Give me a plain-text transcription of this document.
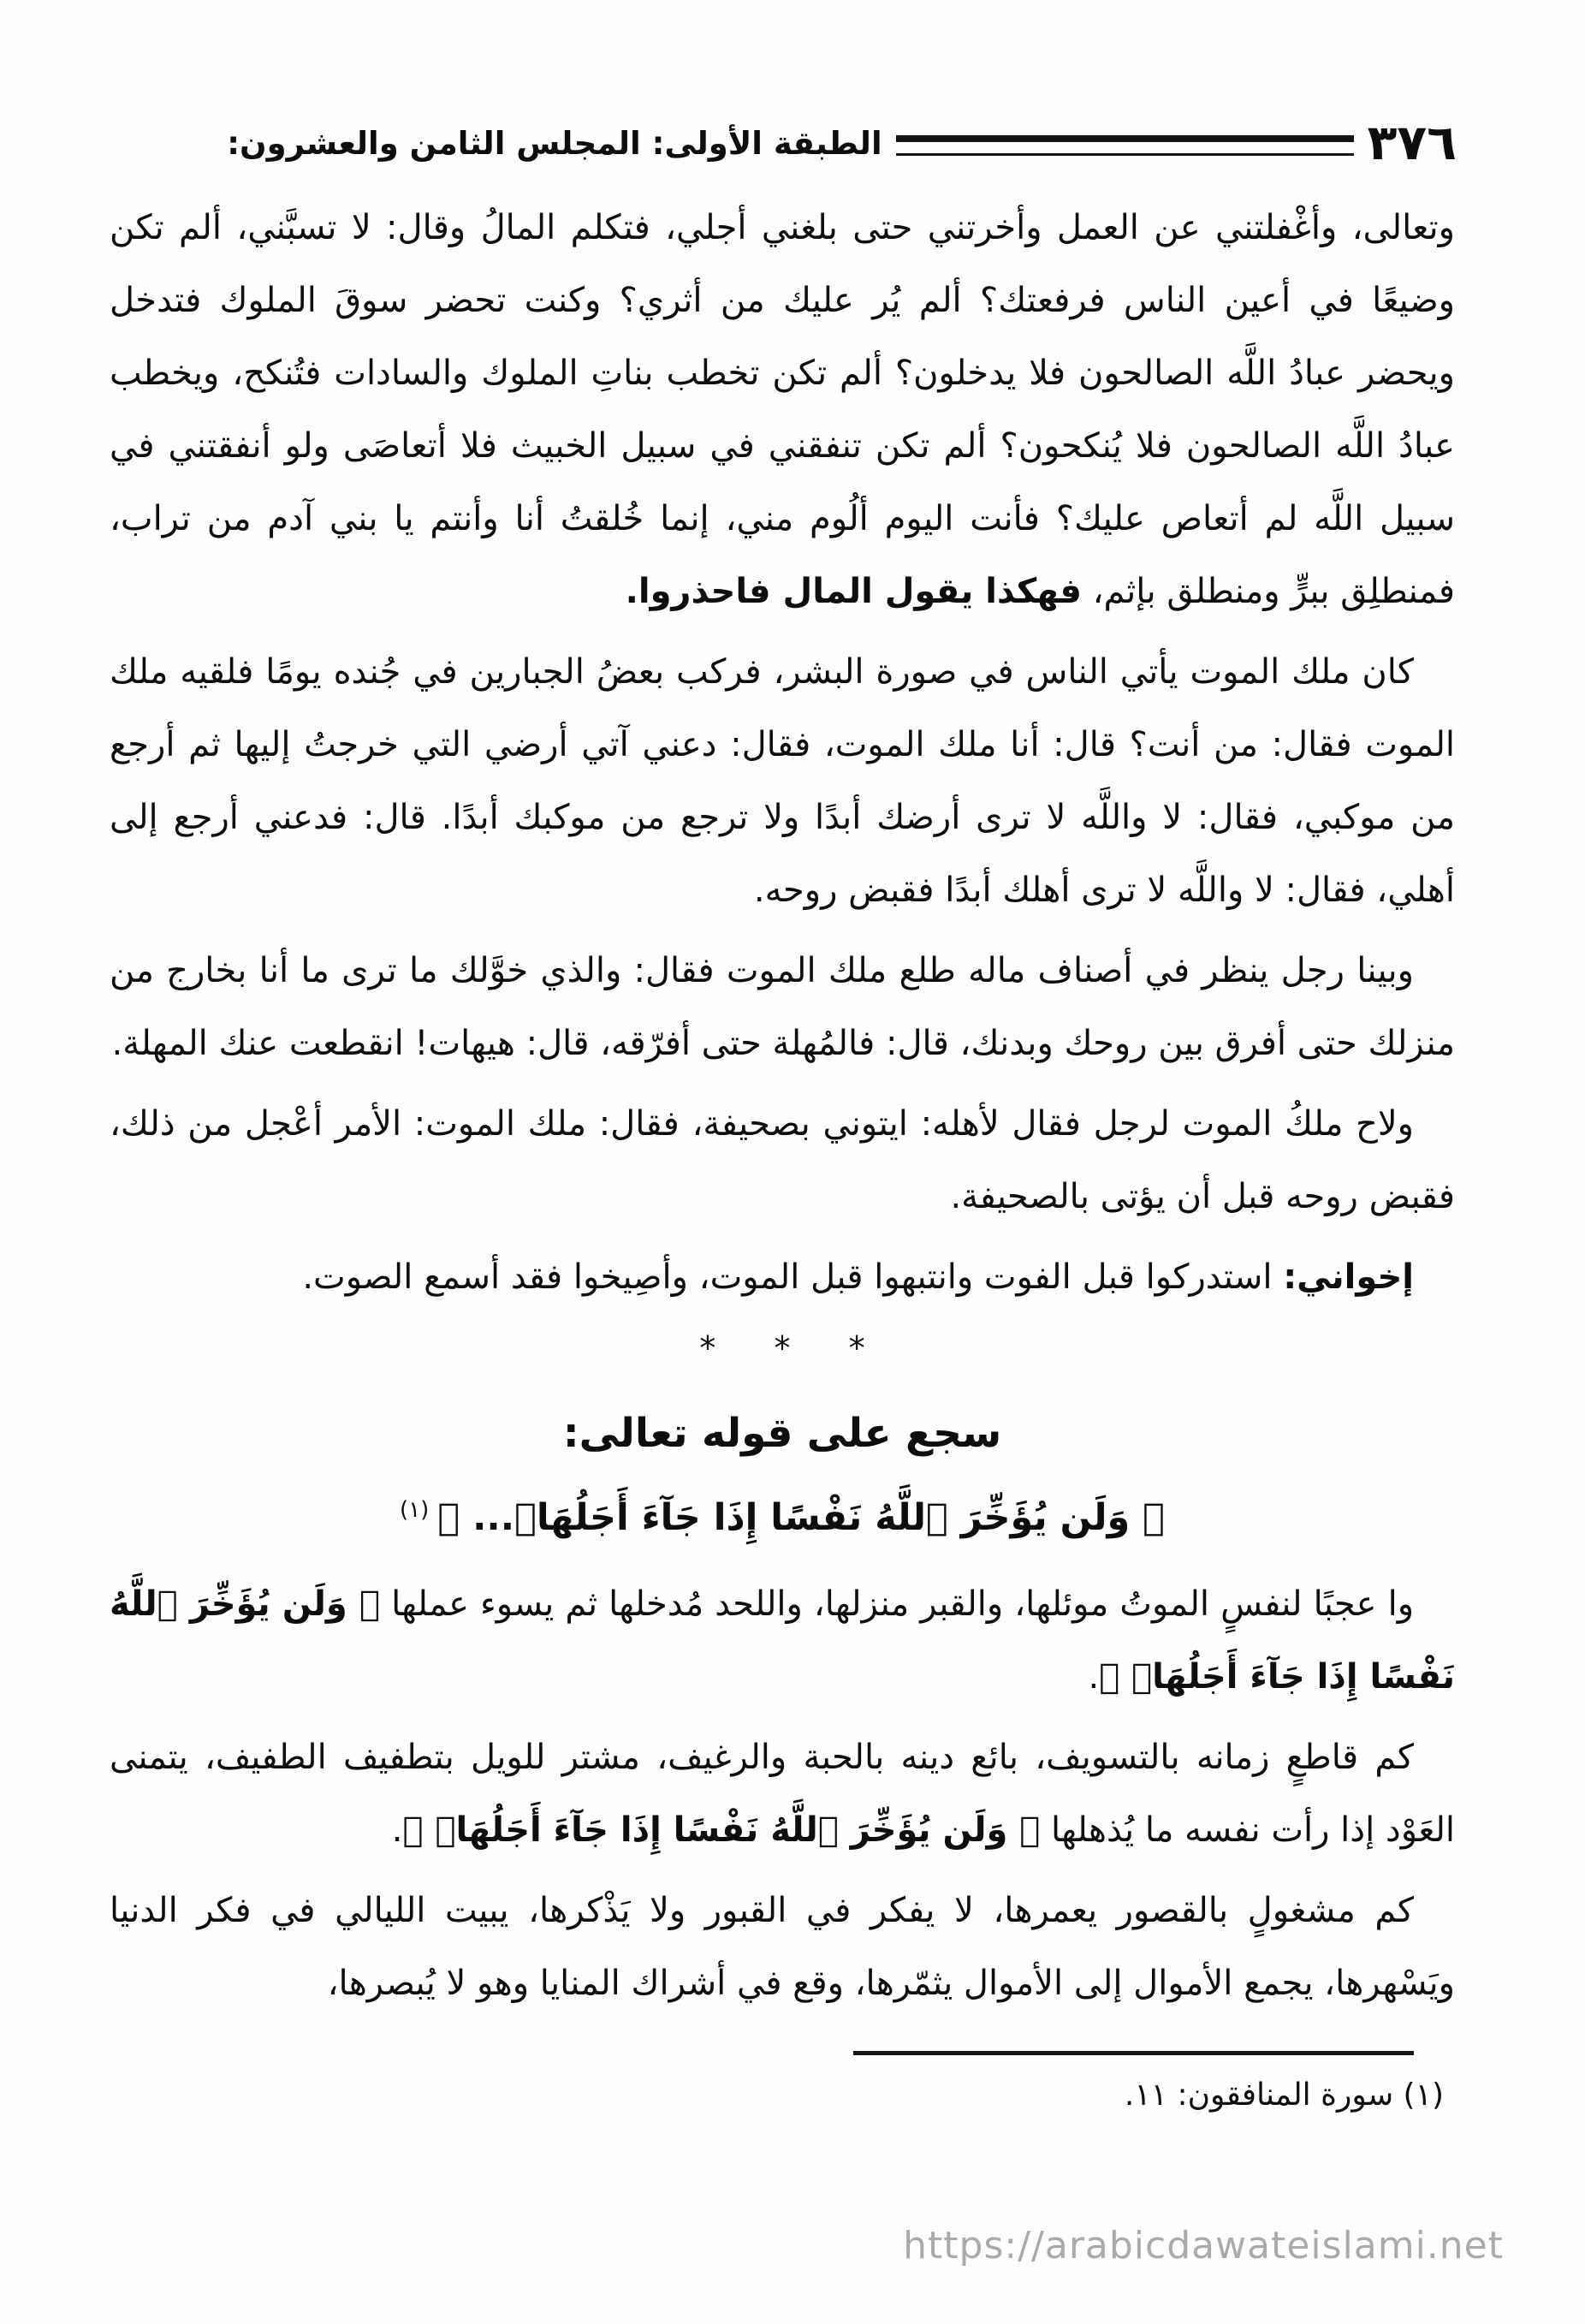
٣٧٦
الطبقة الأولى: المجلس الثامن والعشرون:

وتعالى، وأغْفلتني عن العمل وأخرتني حتى بلغني أجلي، فتكلم المالُ وقال: لا تسبَّني، ألم تكن وضيعًا في أعين الناس فرفعتك؟ ألم يُر عليك من أثري؟ وكنت تحضر سوقَ الملوك فتدخل ويحضر عبادُ اللَّه الصالحون فلا يدخلون؟ ألم تكن تخطب بناتِ الملوك والسادات فتُنكح، ويخطب عبادُ اللَّه الصالحون فلا يُنكحون؟ ألم تكن تنفقني في سبيل الخبيث فلا أتعاصَى ولو أنفقتني في سبيل اللَّه لم أتعاص عليك؟ فأنت اليوم ألُوم مني، إنما خُلقتُ أنا وأنتم يا بني آدم من تراب، فمنطلِق ببرٍّ ومنطلق بإثم، فهكذا يقول المال فاحذروا.

كان ملك الموت يأتي الناس في صورة البشر، فركب بعضُ الجبارين في جُنده يومًا فلقيه ملك الموت فقال: من أنت؟ قال: أنا ملك الموت، فقال: دعني آتي أرضي التي خرجتُ إليها ثم أرجع من موكبي، فقال: لا واللَّه لا ترى أرضك أبدًا ولا ترجع من موكبك أبدًا. قال: فدعني أرجع إلى أهلي، فقال: لا واللَّه لا ترى أهلك أبدًا فقبض روحه.

وبينا رجل ينظر في أصناف ماله طلع ملك الموت فقال: والذي خوَّلك ما ترى ما أنا بخارج من منزلك حتى أفرق بين روحك وبدنك، قال: فالمُهلة حتى أفرّقه، قال: هيهات! انقطعت عنك المهلة.

ولاح ملكُ الموت لرجل فقال لأهله: ايتوني بصحيفة، فقال: ملك الموت: الأمر أعْجل من ذلك، فقبض روحه قبل أن يؤتى بالصحيفة.

إخواني: استدركوا قبل الفوت وانتبهوا قبل الموت، وأصِيخوا فقد أسمع الصوت.

* * *
سجع على قوله تعالى:
﴿ وَلَن يُؤَخِّرَ ٱللَّهُ نَفْسًا إِذَا جَآءَ أَجَلُهَاۚ... ﴾$^{(١)}$

وا عجبًا لنفسٍ الموتُ موئلها، والقبر منزلها، واللحد مُدخلها ثم يسوء عملها ﴿ وَلَن يُؤَخِّرَ ٱللَّهُ نَفْسًا إِذَا جَآءَ أَجَلُهَاۚ ﴾.

كم قاطعٍ زمانه بالتسويف، بائع دينه بالحبة والرغيف، مشتر للويل بتطفيف الطفيف، يتمنى العَوْد إذا رأت نفسه ما يُذهلها ﴿ وَلَن يُؤَخِّرَ ٱللَّهُ نَفْسًا إِذَا جَآءَ أَجَلُهَاۚ ﴾.

كم مشغولٍ بالقصور يعمرها، لا يفكر في القبور ولا يَذْكرها، يبيت الليالي في فكر الدنيا ويَسْهرها، يجمع الأموال إلى الأموال يثمّرها، وقع في أشراك المنايا وهو لا يُبصرها،

(١) سورة المنافقون: ١١.
https://arabicdawateislami.net
